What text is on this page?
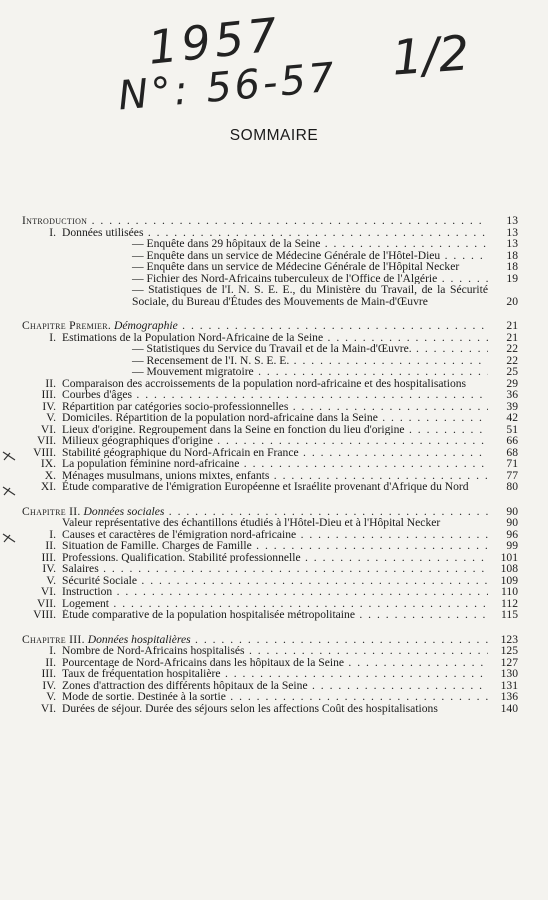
1957 1/2
N°: 56-57
SOMMAIRE
Introduction . . .	13
I. Données utilisées . . .	13
— Enquête dans 29 hôpitaux de la Seine . . .	13
— Enquête dans un service de Médecine Générale de l'Hôtel-Dieu . . .	18
— Enquête dans un service de Médecine Générale de l'Hôpital Necker	18
— Fichier des Nord-Africains tuberculeux de l'Office de l'Algérie . . .	19
— Statistiques de l'I. N. S. E. E., du Ministère du Travail, de la Sécurité Sociale, du Bureau d'Études des Mouvements de Main-d'Œuvre	20
Chapitre Premier. Démographie . . .	21
I. Estimations de la Population Nord-Africaine de la Seine . . .	21
— Statistiques du Service du Travail et de la Main-d'Œuvre. . . .	22
— Recensement de l'I. N. S. E. E. . . .	22
— Mouvement migratoire . . .	25
II. Comparaison des accroissements de la population nord-africaine et des hospitalisations	29
III. Courbes d'âges . . .	36
IV. Répartition par catégories socio-professionnelles . . .	39
V. Domiciles. Répartition de la population nord-africaine dans la Seine . . .	42
VI. Lieux d'origine. Regroupement dans la Seine en fonction du lieu d'origine . . .	51
VII. Milieux géographiques d'origine . . .	66
VIII. Stabilité géographique du Nord-Africain en France . . .	68
IX. La population féminine nord-africaine . . .	71
X. Ménages musulmans, unions mixtes, enfants . . .	77
XI. Étude comparative de l'émigration Européenne et Israélite provenant d'Afrique du Nord	80
Chapitre II. Données sociales . . .	90
Valeur représentative des échantillons étudiés à l'Hôtel-Dieu et à l'Hôpital Necker	90
I. Causes et caractères de l'émigration nord-africaine . . .	96
II. Situation de Famille. Charges de Famille . . .	99
III. Professions. Qualification. Stabilité professionnelle . . .	101
IV. Salaires . . .	108
V. Sécurité Sociale . . .	109
VI. Instruction . . .	110
VII. Logement . . .	112
VIII. Étude comparative de la population hospitalisée métropolitaine . . .	115
Chapitre III. Données hospitalières . . .	123
I. Nombre de Nord-Africains hospitalisés . . .	125
II. Pourcentage de Nord-Africains dans les hôpitaux de la Seine . . .	127
III. Taux de fréquentation hospitalière . . .	130
IV. Zones d'attraction des différents hôpitaux de la Seine . . .	131
V. Mode de sortie. Destinée à la sortie . . .	136
VI. Durées de séjour. Durée des séjours selon les affections Coût des hospitalisations	140
